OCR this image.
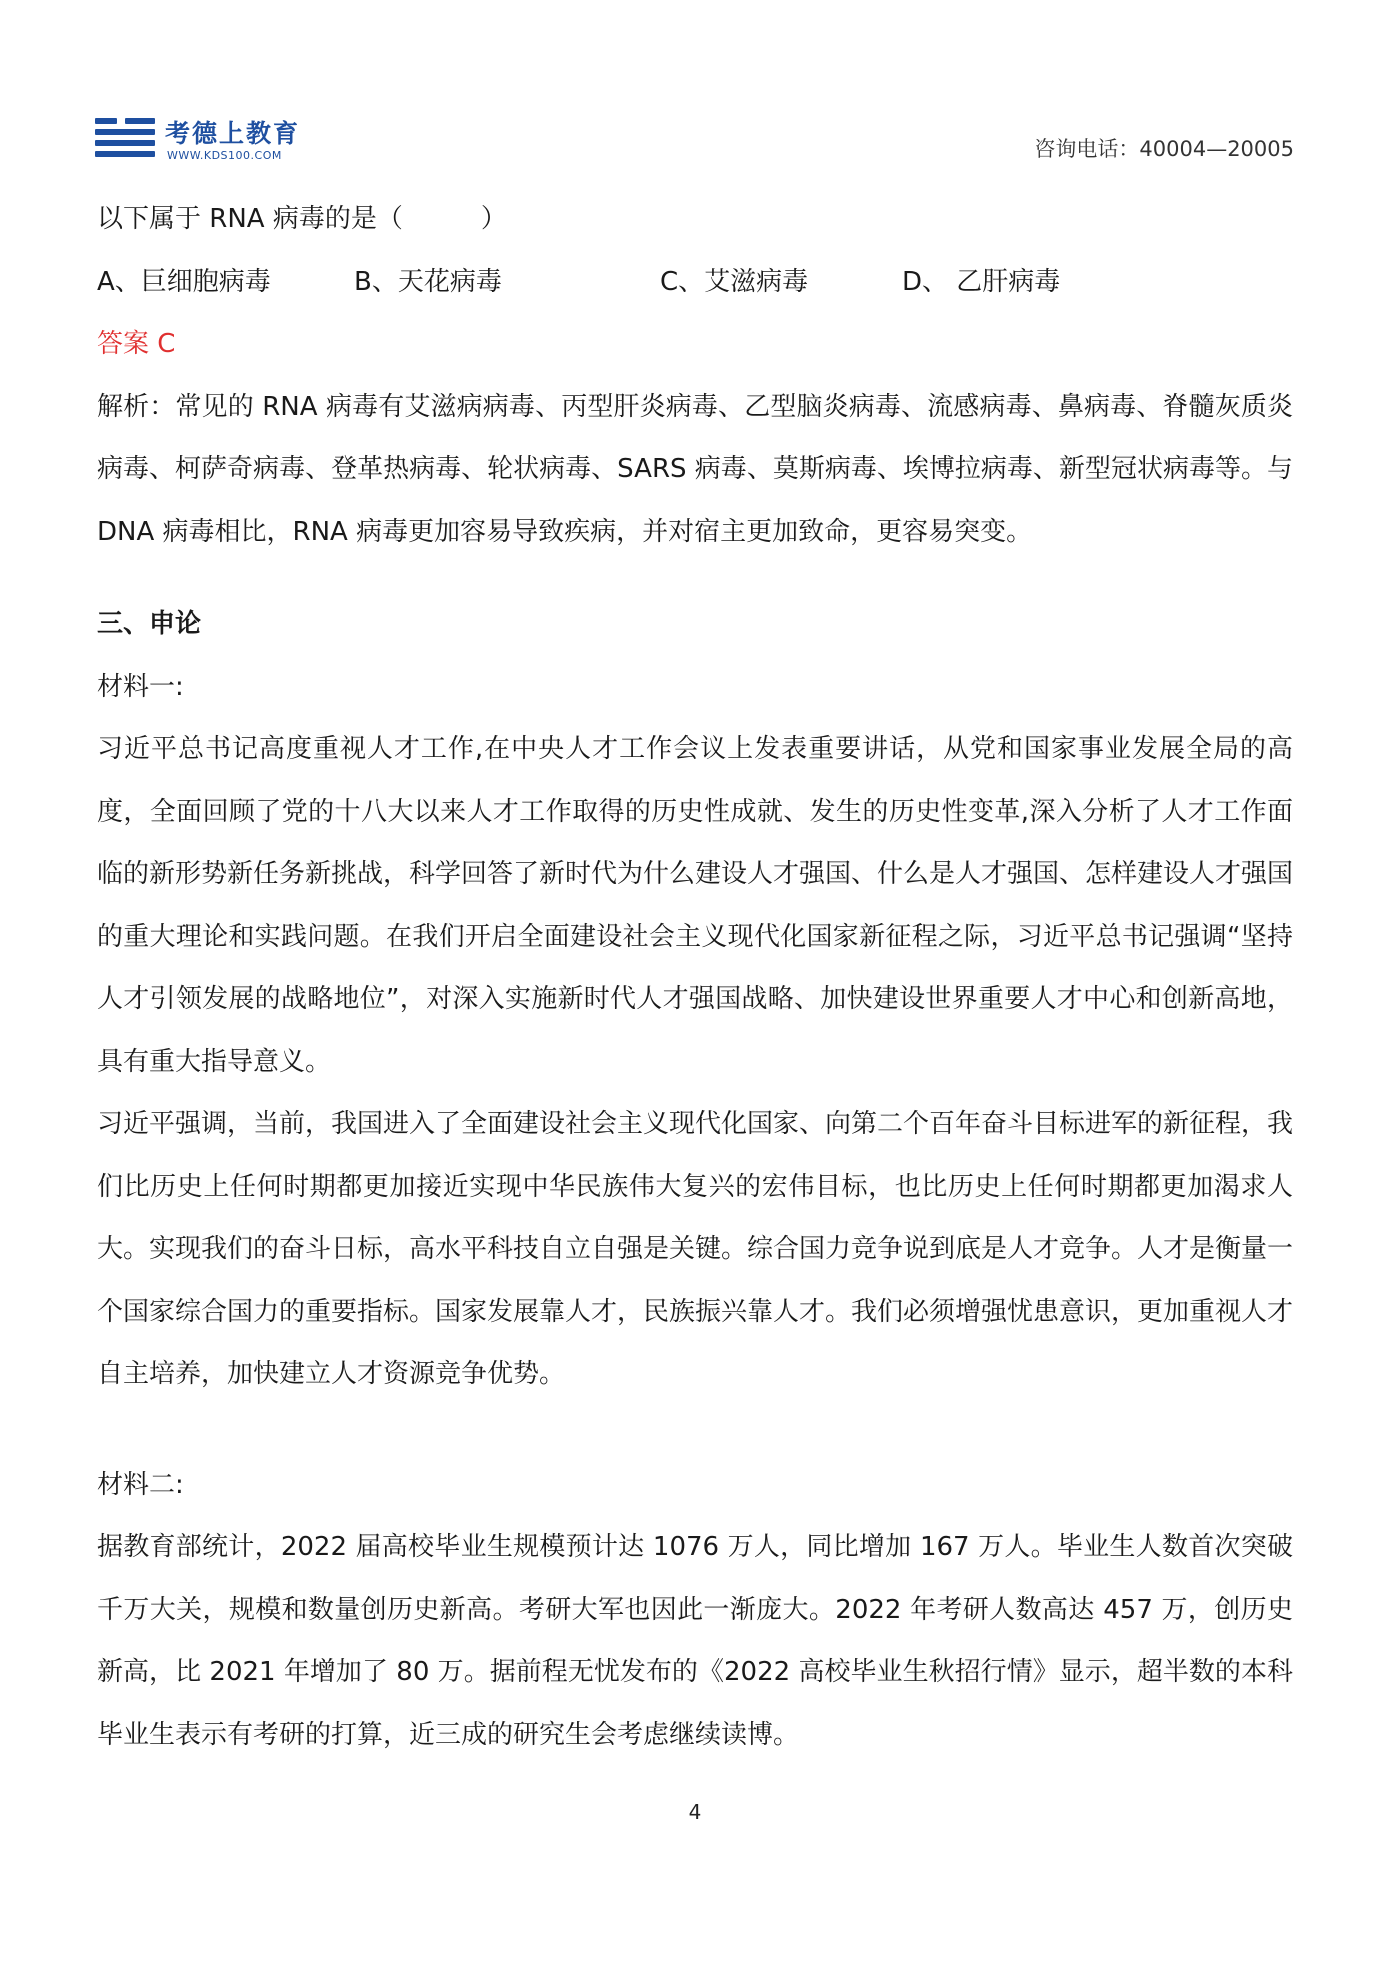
考德上教育
WWW.KDS100.COM	咨询电话：40004—20005

以下属于 RNA 病毒的是（　　　）

A、巨细胞病毒	B、天花病毒	C、艾滋病毒	D、 乙肝病毒

答案 C

解析：常见的 RNA 病毒有艾滋病病毒、丙型肝炎病毒、乙型脑炎病毒、流感病毒、鼻病毒、脊髓灰质炎病毒、柯萨奇病毒、登革热病毒、轮状病毒、SARS 病毒、莫斯病毒、埃博拉病毒、新型冠状病毒等。与 DNA 病毒相比，RNA 病毒更加容易导致疾病，并对宿主更加致命，更容易突变。

三、申论

材料一:

习近平总书记高度重视人才工作,在中央人才工作会议上发表重要讲话，从党和国家事业发展全局的高度，全面回顾了党的十八大以来人才工作取得的历史性成就、发生的历史性变革,深入分析了人才工作面临的新形势新任务新挑战，科学回答了新时代为什么建设人才强国、什么是人才强国、怎样建设人才强国的重大理论和实践问题。在我们开启全面建设社会主义现代化国家新征程之际，习近平总书记强调“坚持人才引领发展的战略地位”，对深入实施新时代人才强国战略、加快建设世界重要人才中心和创新高地，具有重大指导意义。

习近平强调，当前，我国进入了全面建设社会主义现代化国家、向第二个百年奋斗目标进军的新征程，我们比历史上任何时期都更加接近实现中华民族伟大复兴的宏伟目标，也比历史上任何时期都更加渴求人大。实现我们的奋斗日标，高水平科技自立自强是关键。综合国力竞争说到底是人才竞争。人才是衡量一个国家综合国力的重要指标。国家发展靠人才，民族振兴靠人才。我们必须增强忧患意识，更加重视人才自主培养，加快建立人才资源竞争优势。

材料二:

据教育部统计，2022 届高校毕业生规模预计达 1076 万人，同比增加 167 万人。毕业生人数首次突破千万大关，规模和数量创历史新高。考研大军也因此一渐庞大。2022 年考研人数高达 457 万，创历史新高，比 2021 年增加了 80 万。据前程无忧发布的《2022 高校毕业生秋招行情》显示，超半数的本科毕业生表示有考研的打算，近三成的研究生会考虑继续读博。

4
